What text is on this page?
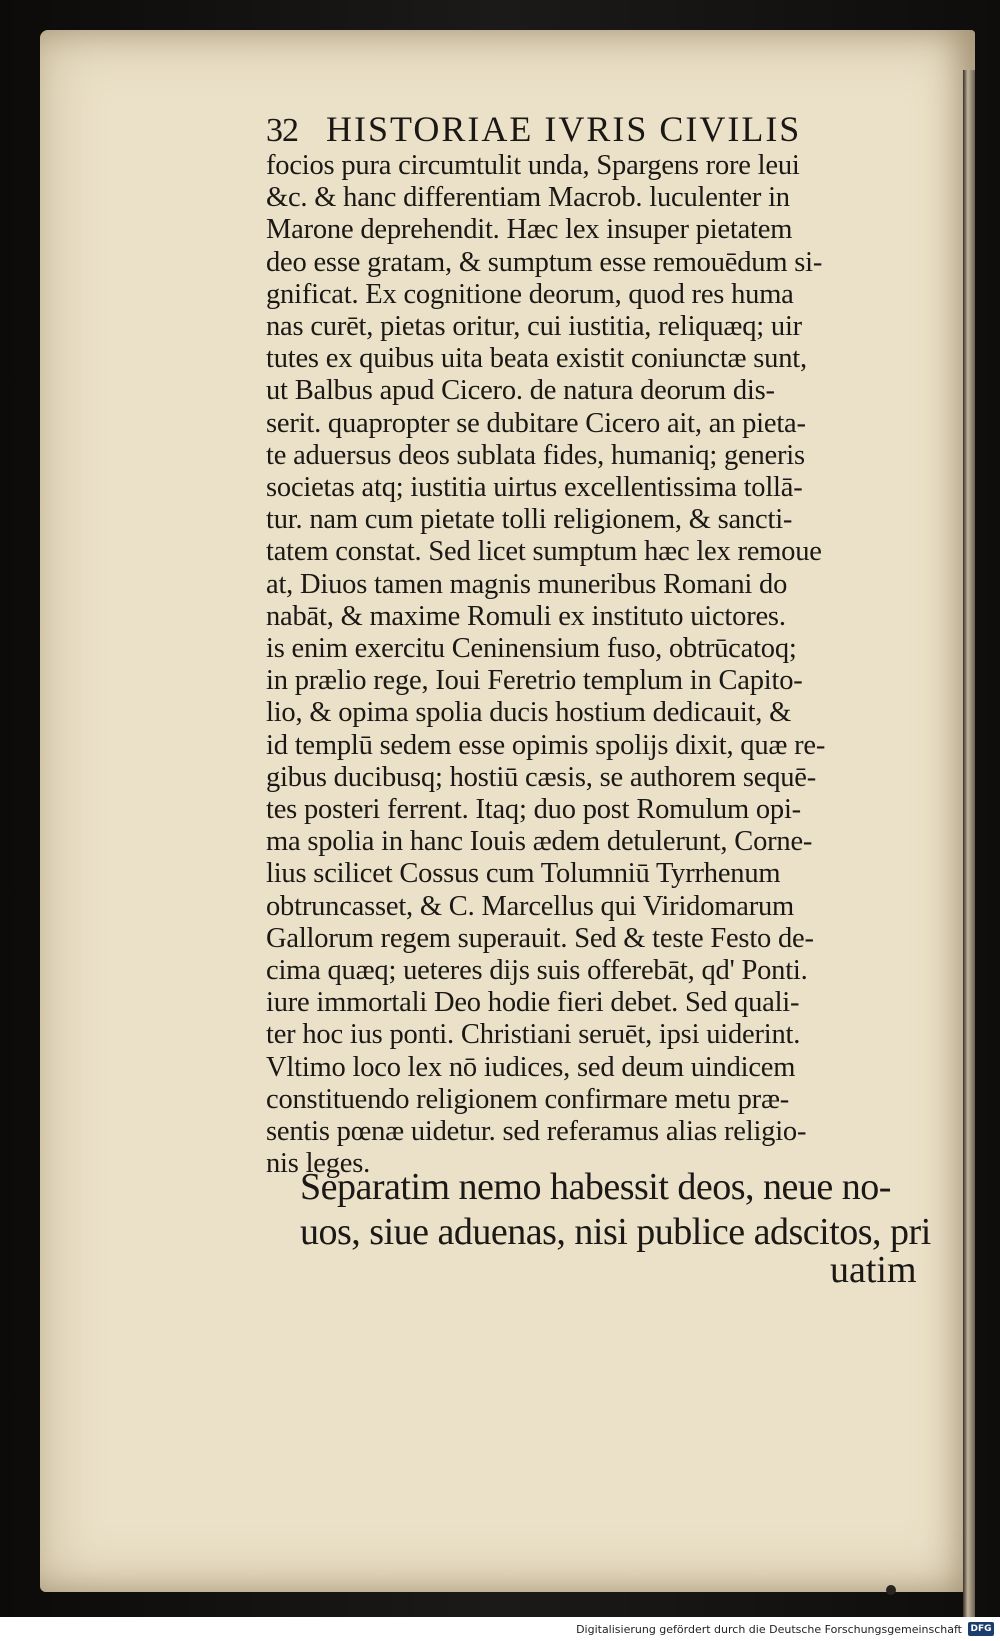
32 HISTORIAE IVRIS CIVILIS
focios pura circumtulit unda, Spargens rore leui
&c. & hanc differentiam Macrob. luculenter in
Marone deprehendit. Hæc lex insuper pietatem
deo esse gratam, & sumptum esse remouēdum si-
gnificat. Ex cognitione deorum, quod res huma
nas curēt, pietas oritur, cui iustitia, reliquæq; uir
tutes ex quibus uita beata existit coniunctæ sunt,
ut Balbus apud Cicero. de natura deorum dis-
serit. quapropter se dubitare Cicero ait, an pieta-
te aduersus deos sublata fides, humaniq; generis
societas atq; iustitia uirtus excellentissima tollā-
tur. nam cum pietate tolli religionem, & sancti-
tatem constat. Sed licet sumptum hæc lex remoue
at, Diuos tamen magnis muneribus Romani do
nabāt, & maxime Romuli ex instituto uictores.
is enim exercitu Ceninensium fuso, obtrūcatoq;
in prælio rege, Ioui Feretrio templum in Capito-
lio, & opima spolia ducis hostium dedicauit, &
id templū sedem esse opimis spolijs dixit, quæ re-
gibus ducibusq; hostiū cæsis, se authorem sequē-
tes posteri ferrent. Itaq; duo post Romulum opi-
ma spolia in hanc Iouis ædem detulerunt, Corne-
lius scilicet Cossus cum Tolumniū Tyrrhenum
obtruncasset, & C. Marcellus qui Viridomarum
Gallorum regem superauit. Sed & teste Festo de-
cima quæq; ueteres dijs suis offerebāt, qd' Ponti.
iure immortali Deo hodie fieri debet. Sed quali-
ter hoc ius ponti. Christiani seruēt, ipsi uiderint.
Vltimo loco lex nō iudices, sed deum uindicem
constituendo religionem confirmare metu præ-
sentis pœnæ uidetur. sed referamus alias religio-
nis leges.
Separatim nemo habessit deos, neue no-
uos, siue aduenas, nisi publice adscitos, pri
uatim
Digitalisierung gefördert durch die Deutsche Forschungsgemeinschaft DFG
